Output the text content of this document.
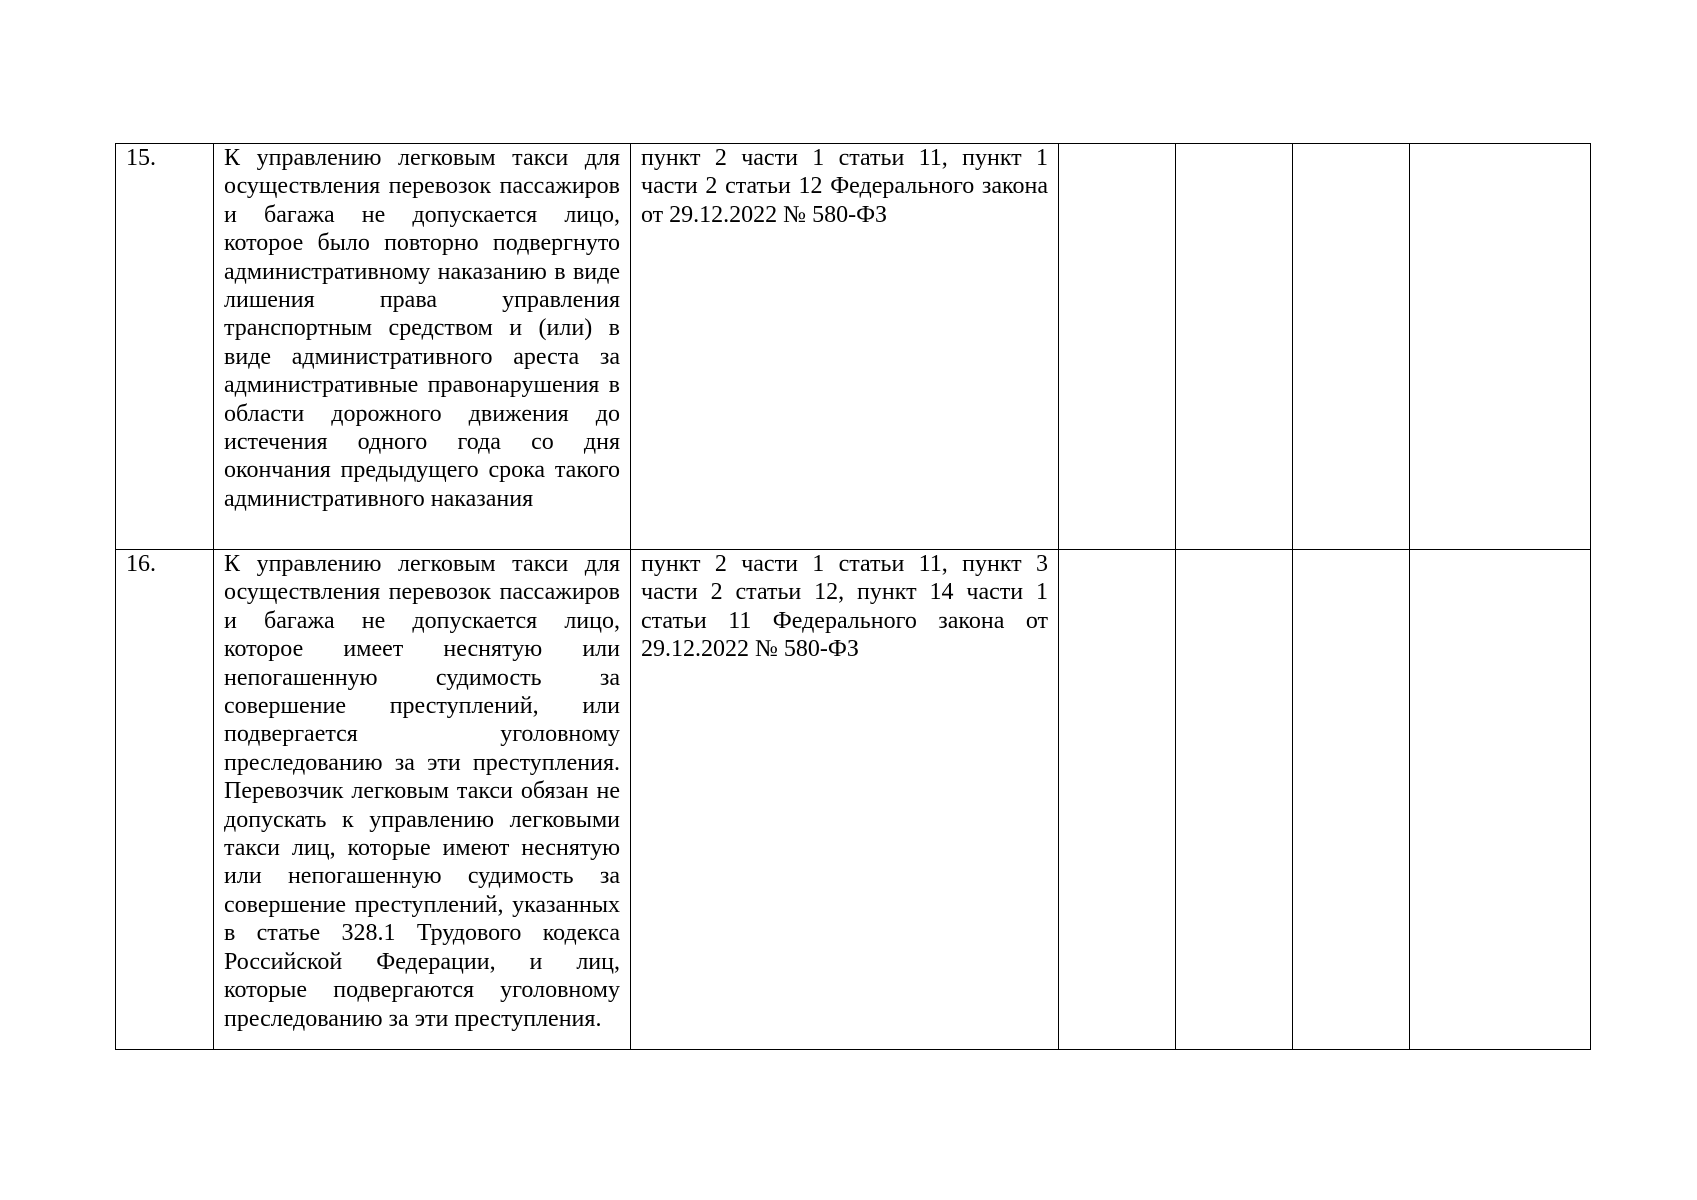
15.	К управлению легковым такси для осуществления перевозок пассажиров и багажа не допускается лицо, которое было повторно подвергнуто административному наказанию в виде лишения права управления транспортным средством и (или) в виде административного ареста за административные правонарушения в области дорожного движения до истечения одного года со дня окончания предыдущего срока такого административного наказания	пункт 2 части 1 статьи 11, пункт 1 части 2 статьи 12 Федерального закона от 29.12.2022 № 580-ФЗ				
16.	К управлению легковым такси для осуществления перевозок пассажиров и багажа не допускается лицо, которое имеет неснятую или непогашенную судимость за совершение преступлений, или подвергается уголовному преследованию за эти преступления. Перевозчик легковым такси обязан не допускать к управлению легковыми такси лиц, которые имеют неснятую или непогашенную судимость за совершение преступлений, указанных в статье 328.1 Трудового кодекса Российской Федерации, и лиц, которые подвергаются уголовному преследованию за эти преступления.	пункт 2 части 1 статьи 11, пункт 3 части 2 статьи 12, пункт 14 части 1 статьи 11 Федерального закона от 29.12.2022 № 580-ФЗ				
